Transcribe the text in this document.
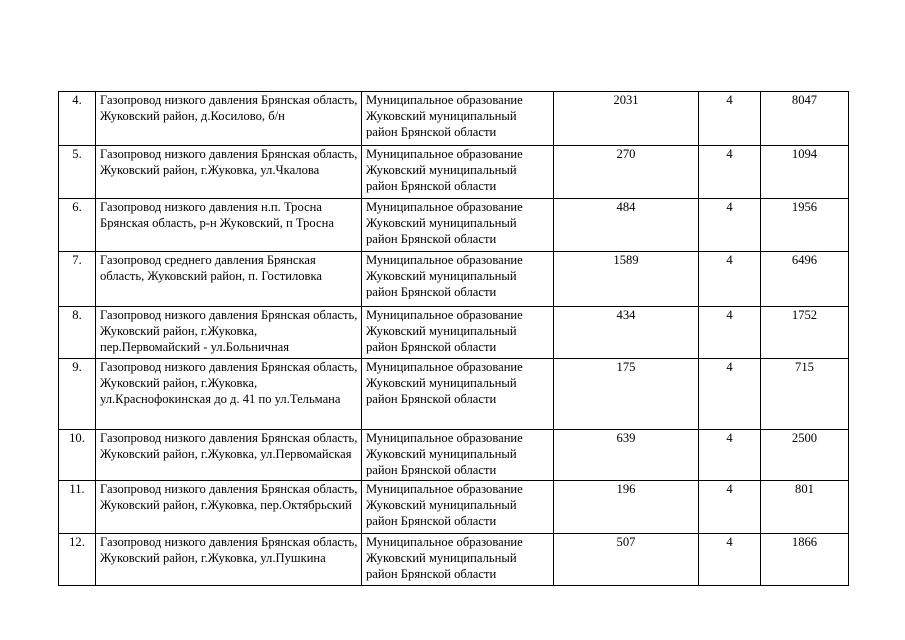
4.	Газопровод низкого давления Брянская область, Жуковский район, д.Косилово, б/н	Муниципальное образование Жуковский муниципальный район Брянской области	2031	4	8047
5.	Газопровод низкого давления Брянская область, Жуковский район, г.Жуковка, ул.Чкалова	Муниципальное образование Жуковский муниципальный район Брянской области	270	4	1094
6.	Газопровод низкого давления н.п. Тросна Брянская область, р-н Жуковский, п Тросна	Муниципальное образование Жуковский муниципальный район Брянской области	484	4	1956
7.	Газопровод среднего давления Брянская область, Жуковский район, п. Гостиловка	Муниципальное образование Жуковский муниципальный район Брянской области	1589	4	6496
8.	Газопровод низкого давления Брянская область, Жуковский район, г.Жуковка, пер.Первомайский - ул.Больничная	Муниципальное образование Жуковский муниципальный район Брянской области	434	4	1752
9.	Газопровод низкого давления Брянская область, Жуковский район, г.Жуковка, ул.Краснофокинская до д. 41 по ул.Тельмана	Муниципальное образование Жуковский муниципальный район Брянской области	175	4	715
10.	Газопровод низкого давления Брянская область, Жуковский район, г.Жуковка, ул.Первомайская	Муниципальное образование Жуковский муниципальный район Брянской области	639	4	2500
11.	Газопровод низкого давления Брянская область, Жуковский район, г.Жуковка, пер.Октябрьский	Муниципальное образование Жуковский муниципальный район Брянской области	196	4	801
12.	Газопровод низкого давления Брянская область, Жуковский район, г.Жуковка, ул.Пушкина	Муниципальное образование Жуковский муниципальный район Брянской области	507	4	1866
